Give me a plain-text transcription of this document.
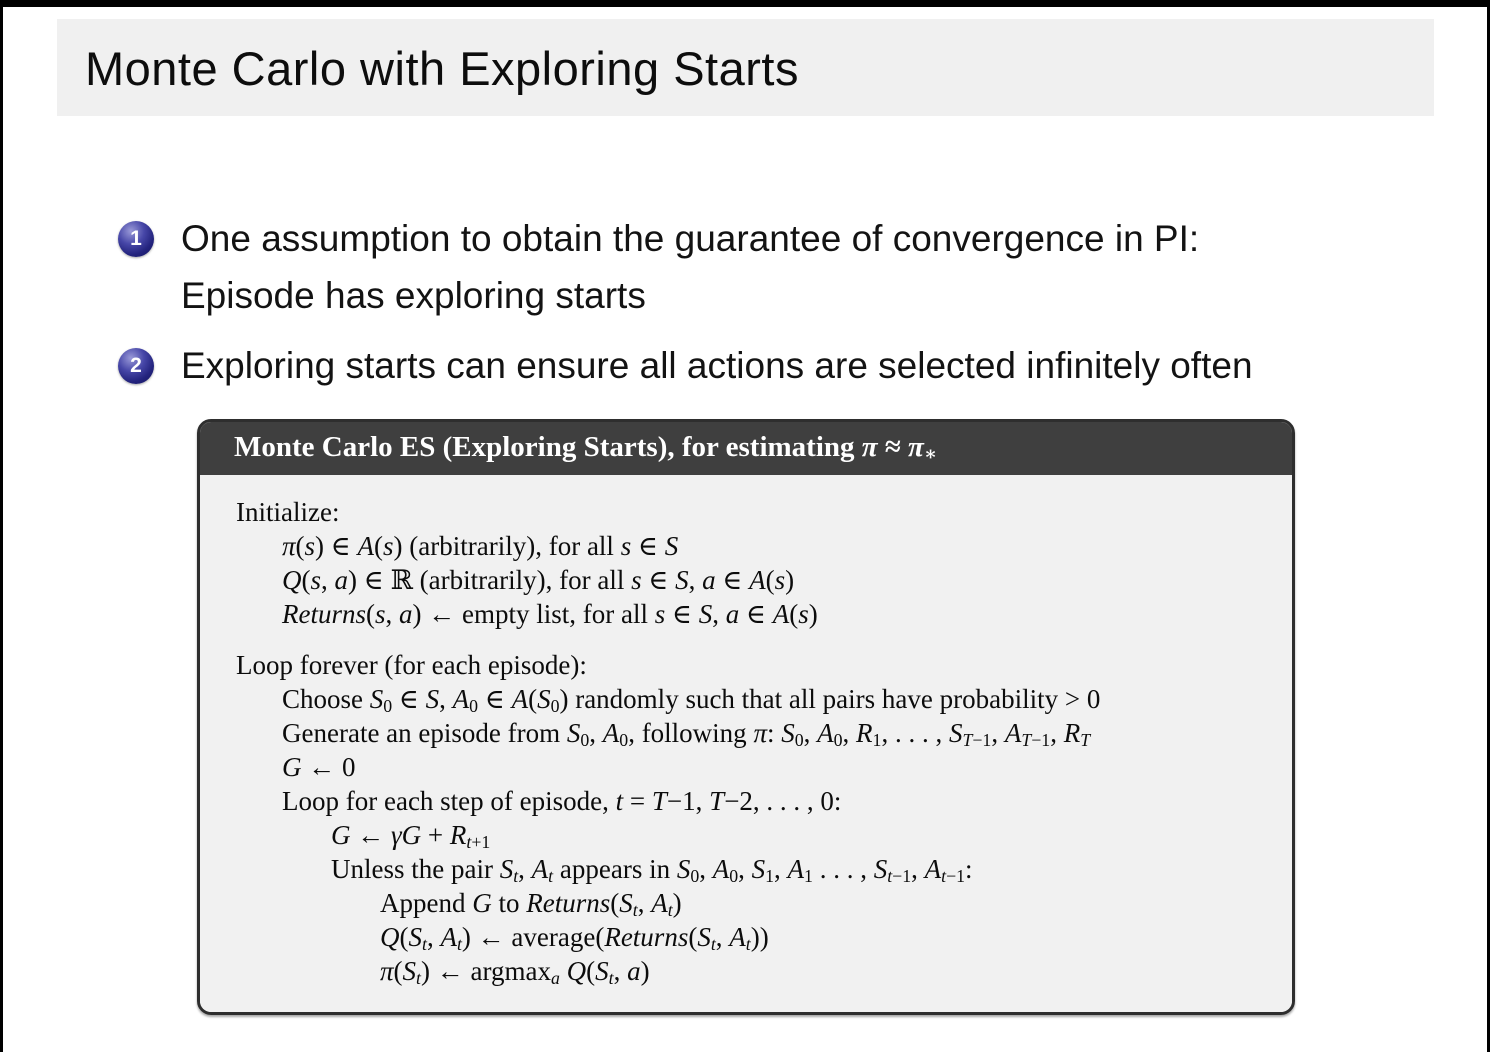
Monte Carlo with Exploring Starts
1 One assumption to obtain the guarantee of convergence in PI:
Episode has exploring starts
2 Exploring starts can ensure all actions are selected infinitely often
Monte Carlo ES (Exploring Starts), for estimating $\pi \approx \pi_∗$
Initialize:
π(s) ∈ A(s) (arbitrarily), for all s ∈ S
Q(s, a) ∈ ℝ (arbitrarily), for all s ∈ S, a ∈ A(s)
Returns(s, a) ← empty list, for all s ∈ S, a ∈ A(s)
Loop forever (for each episode):
Choose $S_0$ ∈ S, $A_0$ ∈ $A(S_0)$ randomly such that all pairs have probability > 0
Generate an episode from $S_0$, $A_0$, following π: $S_0$, $A_0$, $R_1$, . . . , $S_{T-1}$, $A_{T-1}$, $R_T$
G ← 0
Loop for each step of episode, t = T−1, T−2, . . . , 0:
G ← $\gamma G + R_{t+1}$
Unless the pair $S_t$, $A_t$ appears in $S_0$, $A_0$, $S_1$, $A_1$ . . . , $S_{t-1}$, $A_{t-1}$:
Append G to $Returns(S_t$, $A_t$)
$Q(S_t$, $A_t$) ← $average(Returns(S_t$, $A_t$))
$\pi(S_t)$ ← argmax$_a$ $Q(S_t$, a)
